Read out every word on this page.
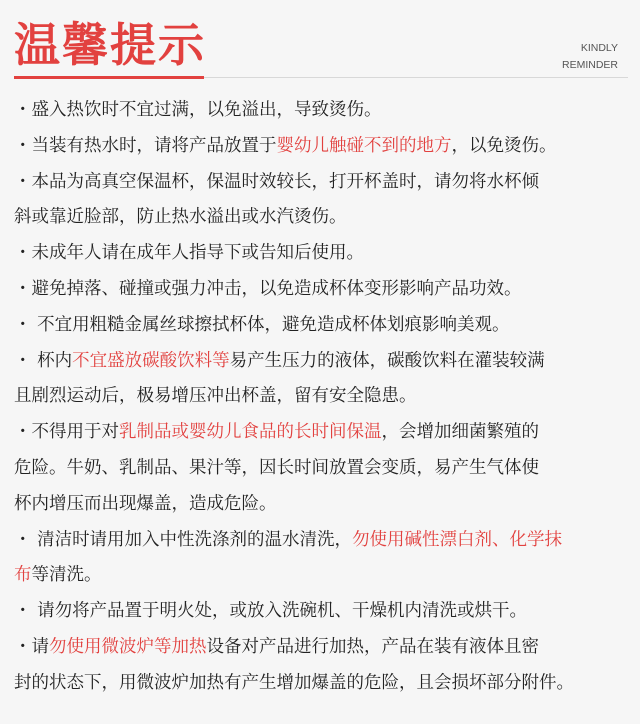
温馨提示	KINDLY
REMINDER
・盛入热饮时不宜过满，以免溢出，导致烫伤。
・当装有热水时，请将产品放置于婴幼儿触碰不到的地方，以免烫伤。
・本品为高真空保温杯，保温时效较长，打开杯盖时，请勿将水杯倾
斜或靠近脸部，防止热水溢出或水汽烫伤。
・未成年人请在成年人指导下或告知后使用。
・避免掉落、碰撞或强力冲击，以免造成杯体变形影响产品功效。
・ 不宜用粗糙金属丝球擦拭杯体，避免造成杯体划痕影响美观。
・ 杯内不宜盛放碳酸饮料等易产生压力的液体，碳酸饮料在灌装较满
且剧烈运动后，极易增压冲出杯盖，留有安全隐患。
・不得用于对乳制品或婴幼儿食品的长时间保温，会增加细菌繁殖的
危险。牛奶、乳制品、果汁等，因长时间放置会变质，易产生气体使
杯内增压而出现爆盖，造成危险。
・ 清洁时请用加入中性洗涤剂的温水清洗，勿使用碱性漂白剂、化学抹
布等清洗。
・ 请勿将产品置于明火处，或放入洗碗机、干燥机内清洗或烘干。
・请勿使用微波炉等加热设备对产品进行加热，产品在装有液体且密
封的状态下，用微波炉加热有产生增加爆盖的危险，且会损坏部分附件。
